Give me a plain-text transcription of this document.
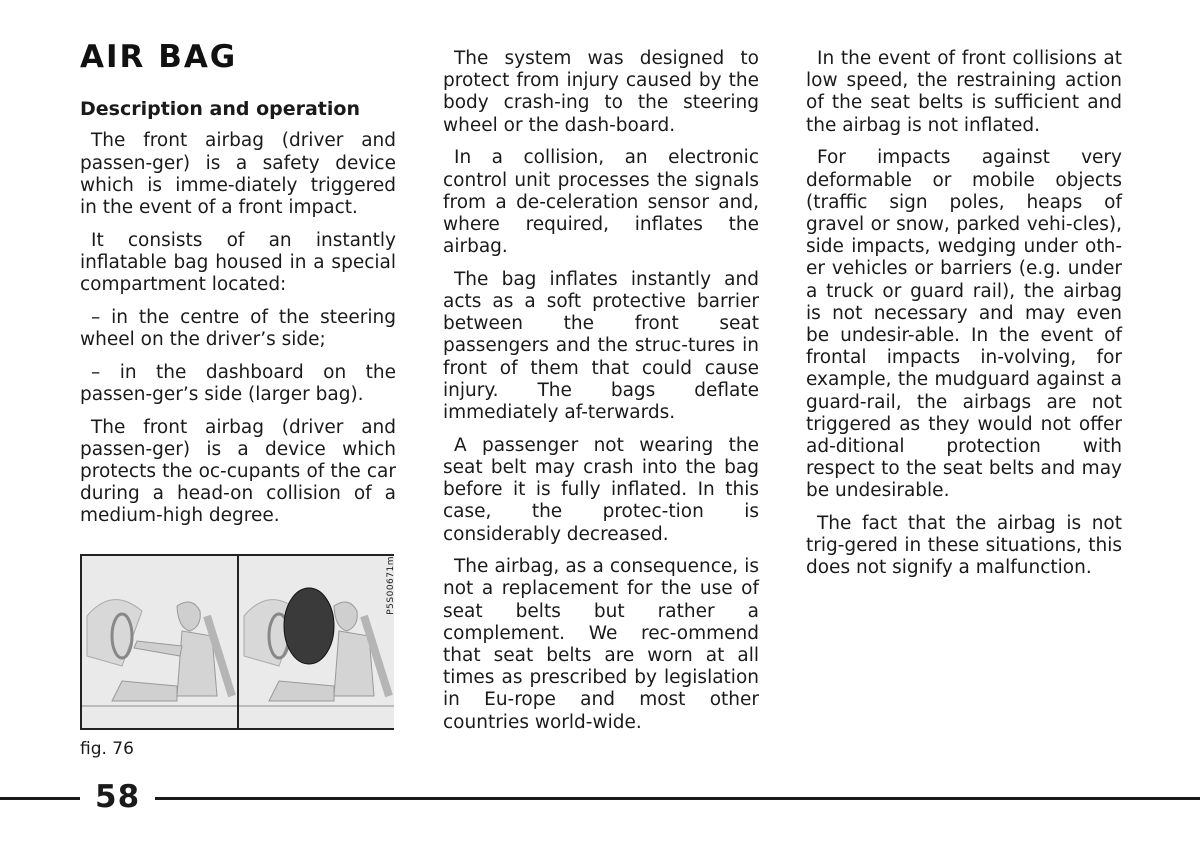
AIR BAG
Description and operation

The front airbag (driver and passen-ger) is a safety device which is imme-diately triggered in the event of a front impact.

It consists of an instantly inflatable bag housed in a special compartment located:

– in the centre of the steering wheel on the driver’s side;

– in the dashboard on the passen-ger’s side (larger bag).

The front airbag (driver and passen-ger) is a device which protects the oc-cupants of the car during a head-on collision of a medium-high degree.

P5S00671m
fig. 76

The system was designed to protect from injury caused by the body crash-ing to the steering wheel or the dash-board.

In a collision, an electronic control unit processes the signals from a de-celeration sensor and, where required, inflates the airbag.

The bag inflates instantly and acts as a soft protective barrier between the front seat passengers and the struc-tures in front of them that could cause injury. The bags deflate immediately af-terwards.

A passenger not wearing the seat belt may crash into the bag before it is fully inflated. In this case, the protec-tion is considerably decreased.

The airbag, as a consequence, is not a replacement for the use of seat belts but rather a complement. We rec-ommend that seat belts are worn at all times as prescribed by legislation in Eu-rope and most other countries world-wide.

In the event of front collisions at low speed, the restraining action of the seat belts is sufficient and the airbag is not inflated.

For impacts against very deformable or mobile objects (traffic sign poles, heaps of gravel or snow, parked vehi-cles), side impacts, wedging under oth-er vehicles or barriers (e.g. under a truck or guard rail), the airbag is not necessary and may even be undesir-able. In the event of frontal impacts in-volving, for example, the mudguard against a guard-rail, the airbags are not triggered as they would not offer ad-ditional protection with respect to the seat belts and may be undesirable.

The fact that the airbag is not trig-gered in these situations, this does not signify a malfunction.

58
